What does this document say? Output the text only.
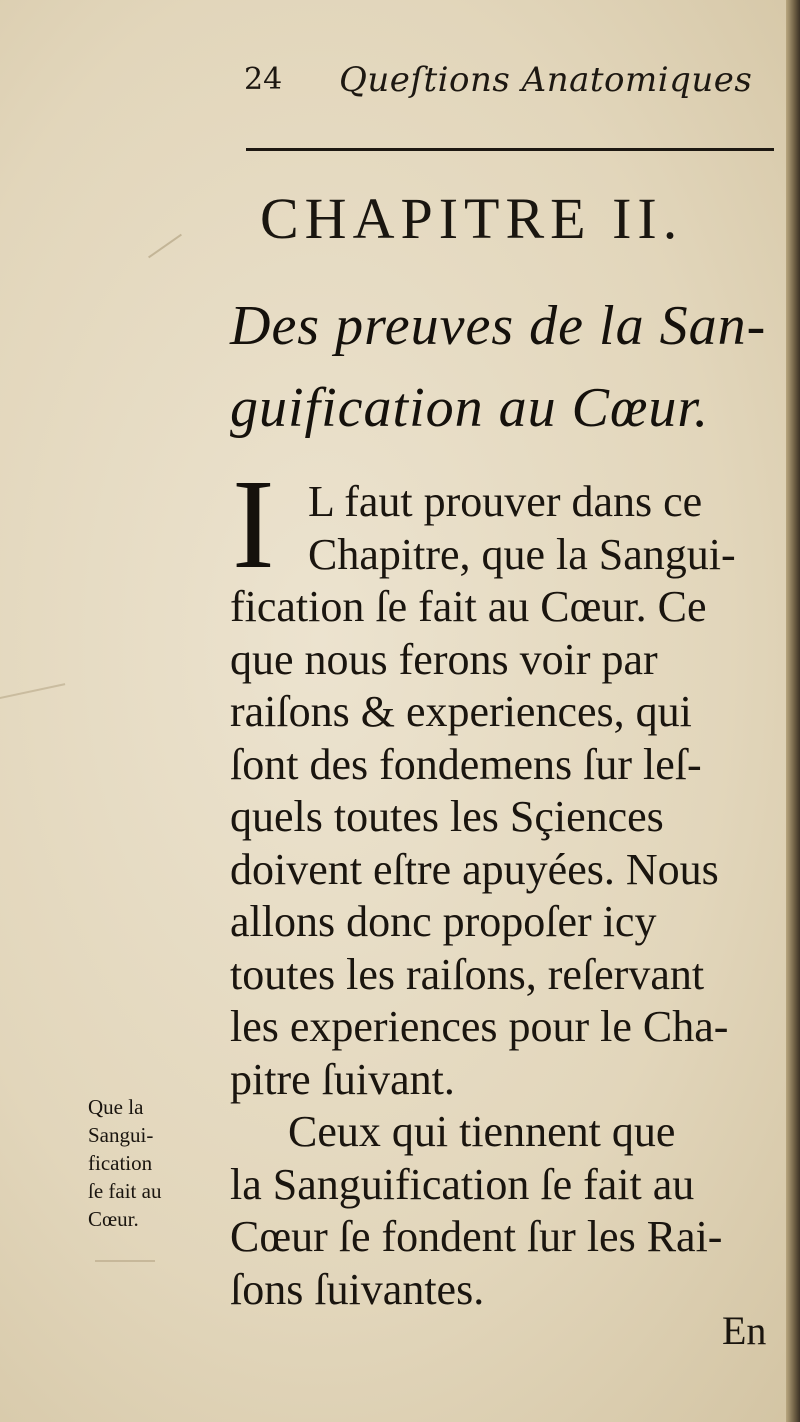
24 Queſtions Anatomiques
CHAPITRE II.
Des preuves de la San-
guification au Cœur.
I L faut prouver dans ce
Chapitre, que la Sangui-
fication ſe fait au Cœur. Ce
que nous ferons voir par
raiſons & experiences, qui
ſont des fondemens ſur leſ-
quels toutes les Sçiences
doivent eſtre apuyées. Nous
allons donc propoſer icy
toutes les raiſons, reſervant
les experiences pour le Cha-
pitre ſuivant.
Ceux qui tiennent que
la Sanguification ſe fait au
Cœur ſe fondent ſur les Rai-
ſons ſuivantes.
Que la
Sangui-
fication
ſe fait au
Cœur.
En
